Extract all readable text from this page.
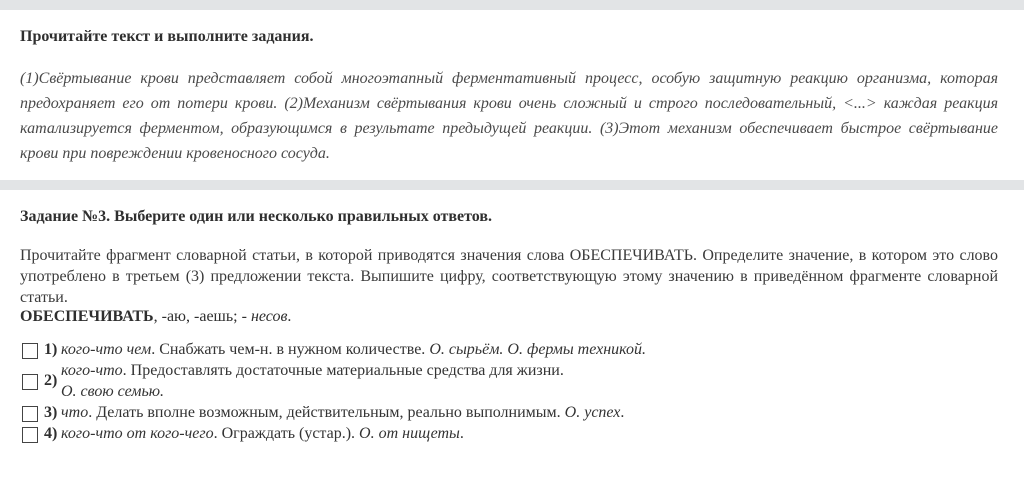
Прочитайте текст и выполните задания.
(1)Свёртывание крови представляет собой многоэтапный ферментативный процесс, особую защитную реакцию организма, которая предохраняет его от потери крови. (2)Механизм свёртывания крови очень сложный и строго последовательный, <...> каждая реакция катализируется ферментом, образующимся в результате предыдущей реакции. (3)Этот механизм обеспечивает быстрое свёртывание крови при повреждении кровеносного сосуда.
Задание №3. Выберите один или несколько правильных ответов.
Прочитайте фрагмент словарной статьи, в которой приводятся значения слова ОБЕСПЕЧИВАТЬ. Определите значение, в котором это слово употреблено в третьем (3) предложении текста. Выпишите цифру, соответствующую этому значению в приведённом фрагменте словарной статьи.
ОБЕСПЕЧИВАТЬ, -аю, -аешь; - несов.
1) кого-что чем. Снабжать чем-н. в нужном количестве. О. сырьём. О. фермы техникой.
2)
кого-что. Предоставлять достаточные материальные средства для жизни.
О. свою семью.
3) что. Делать вполне возможным, действительным, реально выполнимым. О. успех.
4) кого-что от кого-чего. Ограждать (устар.). О. от нищеты.
